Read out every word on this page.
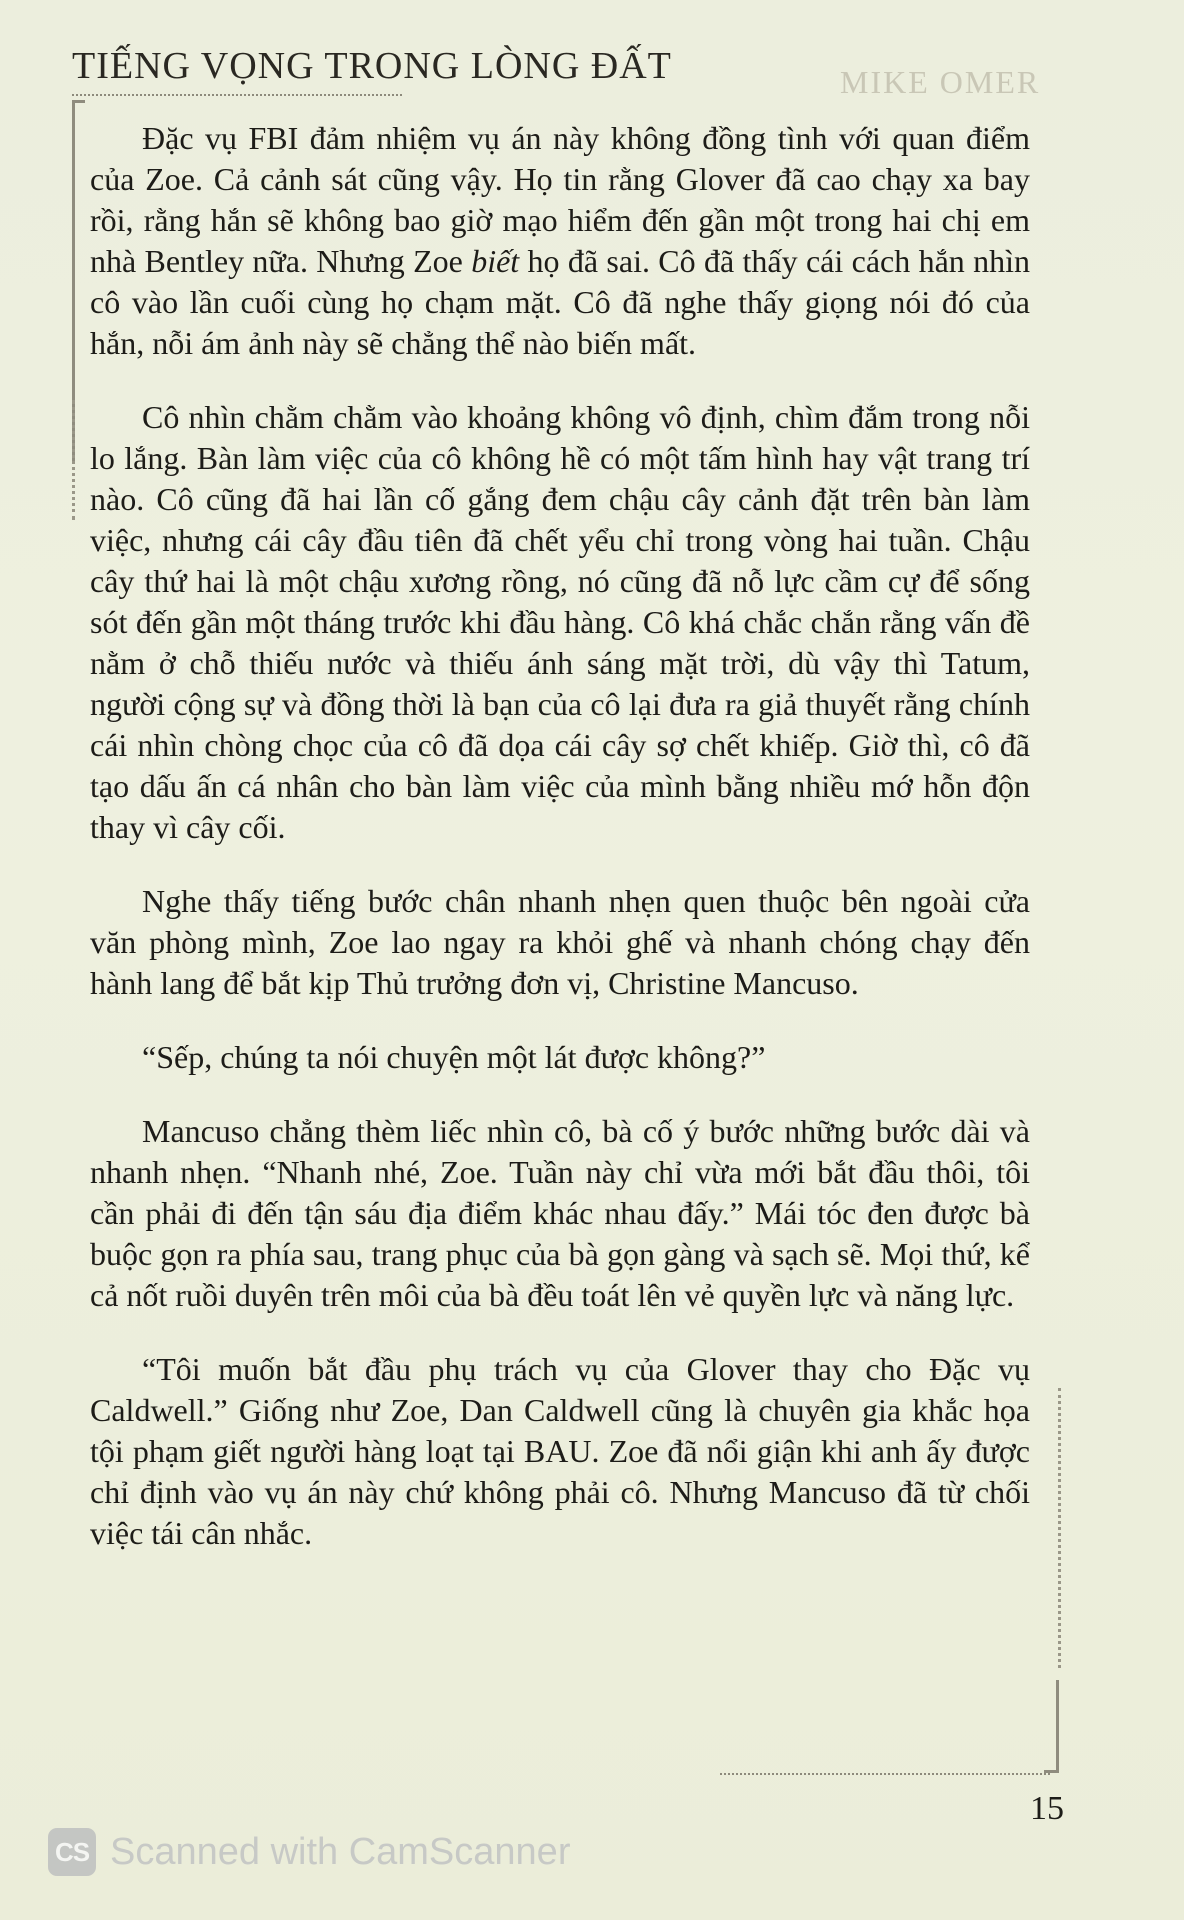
TIẾNG VỌNG TRONG LÒNG ĐẤT	MIKE OMER

Đặc vụ FBI đảm nhiệm vụ án này không đồng tình với quan điểm của Zoe. Cả cảnh sát cũng vậy. Họ tin rằng Glover đã cao chạy xa bay rồi, rằng hắn sẽ không bao giờ mạo hiểm đến gần một trong hai chị em nhà Bentley nữa. Nhưng Zoe biết họ đã sai. Cô đã thấy cái cách hắn nhìn cô vào lần cuối cùng họ chạm mặt. Cô đã nghe thấy giọng nói đó của hắn, nỗi ám ảnh này sẽ chẳng thể nào biến mất.

Cô nhìn chằm chằm vào khoảng không vô định, chìm đắm trong nỗi lo lắng. Bàn làm việc của cô không hề có một tấm hình hay vật trang trí nào. Cô cũng đã hai lần cố gắng đem chậu cây cảnh đặt trên bàn làm việc, nhưng cái cây đầu tiên đã chết yểu chỉ trong vòng hai tuần. Chậu cây thứ hai là một chậu xương rồng, nó cũng đã nỗ lực cầm cự để sống sót đến gần một tháng trước khi đầu hàng. Cô khá chắc chắn rằng vấn đề nằm ở chỗ thiếu nước và thiếu ánh sáng mặt trời, dù vậy thì Tatum, người cộng sự và đồng thời là bạn của cô lại đưa ra giả thuyết rằng chính cái nhìn chòng chọc của cô đã dọa cái cây sợ chết khiếp. Giờ thì, cô đã tạo dấu ấn cá nhân cho bàn làm việc của mình bằng nhiều mớ hỗn độn thay vì cây cối.

Nghe thấy tiếng bước chân nhanh nhẹn quen thuộc bên ngoài cửa văn phòng mình, Zoe lao ngay ra khỏi ghế và nhanh chóng chạy đến hành lang để bắt kịp Thủ trưởng đơn vị, Christine Mancuso.

“Sếp, chúng ta nói chuyện một lát được không?”

Mancuso chẳng thèm liếc nhìn cô, bà cố ý bước những bước dài và nhanh nhẹn. “Nhanh nhé, Zoe. Tuần này chỉ vừa mới bắt đầu thôi, tôi cần phải đi đến tận sáu địa điểm khác nhau đấy.” Mái tóc đen được bà buộc gọn ra phía sau, trang phục của bà gọn gàng và sạch sẽ. Mọi thứ, kể cả nốt ruồi duyên trên môi của bà đều toát lên vẻ quyền lực và năng lực.

“Tôi muốn bắt đầu phụ trách vụ của Glover thay cho Đặc vụ Caldwell.” Giống như Zoe, Dan Caldwell cũng là chuyên gia khắc họa tội phạm giết người hàng loạt tại BAU. Zoe đã nổi giận khi anh ấy được chỉ định vào vụ án này chứ không phải cô. Nhưng Mancuso đã từ chối việc tái cân nhắc.

15
CS Scanned with CamScanner
